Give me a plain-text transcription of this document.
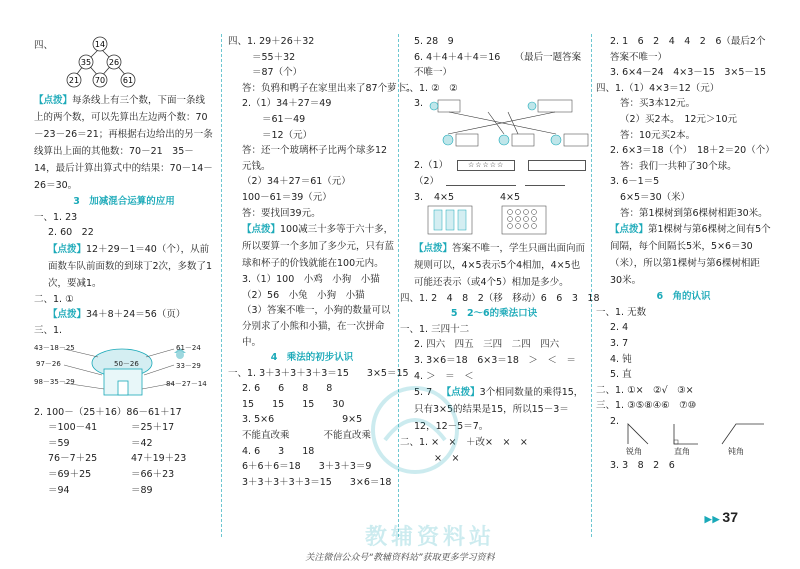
四、	14
35 26
21 70 61
【点拨】每条线上有三个数，下面一条线上的两个数，可以先算出左边两个数：70－23－26＝21；再根据右边给出的另一条线算出上面的其他数：70－21　35－14，最后计算出算式中的结果：70－14－26＝30。
3　加减混合运算的应用
一、1. 23
2. 60　22
【点拨】12＋29－1＝40（个），从前面数车队前面数的到球丁2次，多数了1次，要减1。
二、1. ①
【点拨】34＋8＋24＝56（页）
三、1.
43－18－25
97－26
98－35－29
50－26
61－24
33－29
84－27－14
2. 100－（25＋16） 86－61＋17
＝100－41	＝25＋17
＝59	＝42
76－7＋25	47＋19＋23
＝69＋25	＝66＋23
＝94	＝89
四、1. 29＋26＋32
＝55＋32
＝87（个）
答：负鸦和鸭子在家里出来了87个萝卜。
2.（1）34＋27＝49
＝61－49
＝12（元）
答：还一个玻璃杯子比两个球多12元钱。
（2）34＋27＝61（元）
100－61＝39（元）
答：要找回39元。
【点拨】100减三十多等于六十多，所以要算一个多加了多少元，只有蓝球和杯子的价钱就能在100元内。
3.（1）100　小鸡　小狗　小猫
（2）56　小兔　小狗　小猫
（3）答案不唯一，小狗的数量可以分别求了小熊和小猫，在一次拼命中。
4　乘法的初步认识
一、1. 3＋3＋3＋3＋3＝15 3×5＝15
2. 6 6 8 8
15 15 15 30
3. 5×6	9×5
不能直改乘	不能直改乘
4. 6 3 18
6＋6＋6＝18 3＋3＋3＝9
3＋3＋3＋3＋3＝15 3×6＝18
5. 28　9
6. 4＋4＋4＋4＝16　　（最后一题答案不唯一）
二、1. ②　②
3.
2.（1）	☆☆☆☆☆
（2）
3. 4×5	4×5
【点拨】答案不唯一，学生只画出面向而规则可以，4×5表示5个4相加，4×5也可能还表示（或4个5）相加是多少。
四、1. 2　4　8　2（移　移动）6　6　3　18
5　2～6的乘法口诀
一、1. 三四十二
2. 四六　四五　三四　二四　四六
3. 3×6＝18　6×3＝18　＞　＜　＝
4. ＞　＝　＜
5. 7　 【点拨】3个相同数量的乘得15，只有3×5的结果是15，所以15－3＝12，12－5＝7。
二、1. ×　×　＋改×　×　×
×　×
2. 1　6　2　4　4　2　6（最后2个答案不唯一）
3. 6×4－24　4×3－15　3×5－15
四、1.（1）4×3＝12（元）
答：买3本12元。
（2）买2本。　12元＞10元
答：10元买2本。
2. 6×3＝18（个）　18＋2＝20（个）
答：我们一共种了30个球。
3. 6－1＝5
6×5＝30（米）
答：第1棵树到第6棵树相距30米。
【点拨】第1棵树与第6棵树之间有5个间隔，每个间隔长5米，5×6＝30（米），所以第1棵树与第6棵树相距30米。
6　角的认识
一、1. 无数
2. 4
3. 7
4. 钝
5. 直
二、1. ①×　②√　③×
三、1. ③⑤⑧④⑥　⑦⑩
2.
锐角	直角	钝角
3. 3　8　2　6
▶▶ 37
教辅资料站
关注微信公众号“教辅资料站”获取更多学习资料
